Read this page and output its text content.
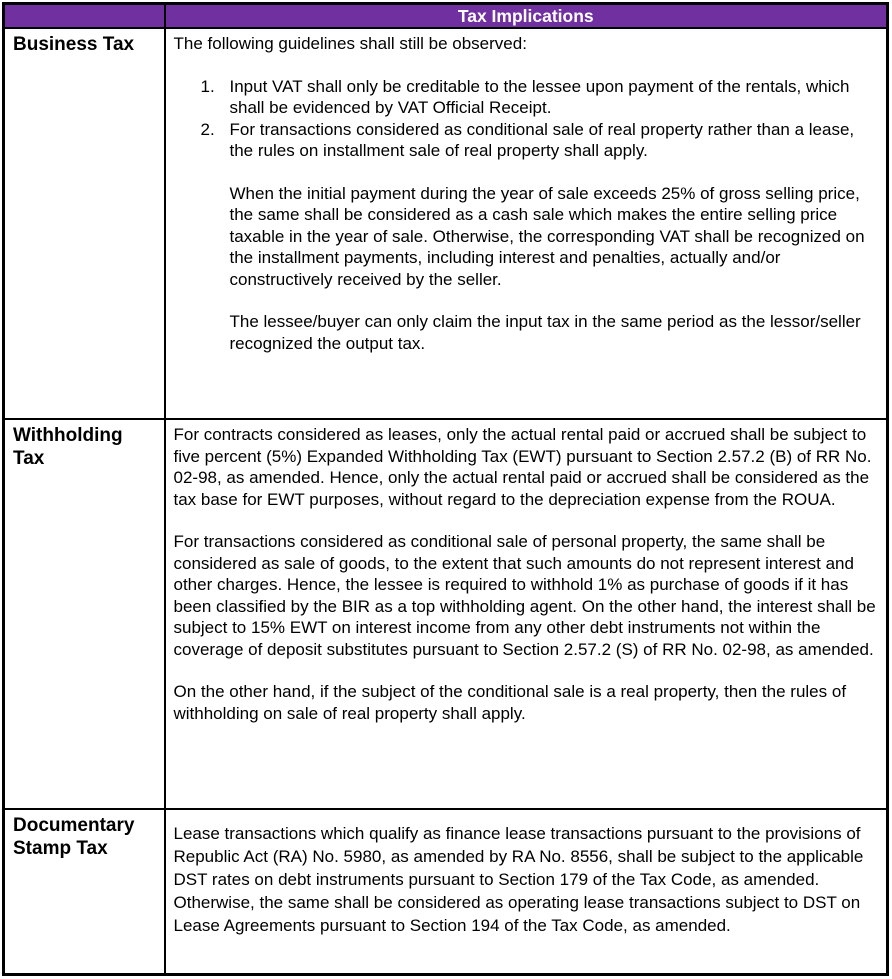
	Tax Implications
Business Tax	The following guidelines shall still be observed:

1. Input VAT shall only be creditable to the lessee upon payment of the rentals, which shall be evidenced by VAT Official Receipt.

2. For transactions considered as conditional sale of real property rather than a lease, the rules on installment sale of real property shall apply.

When the initial payment during the year of sale exceeds 25% of gross selling price, the same shall be considered as a cash sale which makes the entire selling price taxable in the year of sale. Otherwise, the corresponding VAT shall be recognized on the installment payments, including interest and penalties, actually and/or constructively received by the seller.

The lessee/buyer can only claim the input tax in the same period as the lessor/seller recognized the output tax.

Withholding Tax	For contracts considered as leases, only the actual rental paid or accrued shall be subject to five percent (5%) Expanded Withholding Tax (EWT) pursuant to Section 2.57.2 (B) of RR No. 02-98, as amended. Hence, only the actual rental paid or accrued shall be considered as the tax base for EWT purposes, without regard to the depreciation expense from the ROUA.

For transactions considered as conditional sale of personal property, the same shall be considered as sale of goods, to the extent that such amounts do not represent interest and other charges. Hence, the lessee is required to withhold 1% as purchase of goods if it has been classified by the BIR as a top withholding agent. On the other hand, the interest shall be subject to 15% EWT on interest income from any other debt instruments not within the coverage of deposit substitutes pursuant to Section 2.57.2 (S) of RR No. 02-98, as amended.

On the other hand, if the subject of the conditional sale is a real property, then the rules of withholding on sale of real property shall apply.

Documentary Stamp Tax	Lease transactions which qualify as finance lease transactions pursuant to the provisions of Republic Act (RA) No. 5980, as amended by RA No. 8556, shall be subject to the applicable DST rates on debt instruments pursuant to Section 179 of the Tax Code, as amended. Otherwise, the same shall be considered as operating lease transactions subject to DST on Lease Agreements pursuant to Section 194 of the Tax Code, as amended.
